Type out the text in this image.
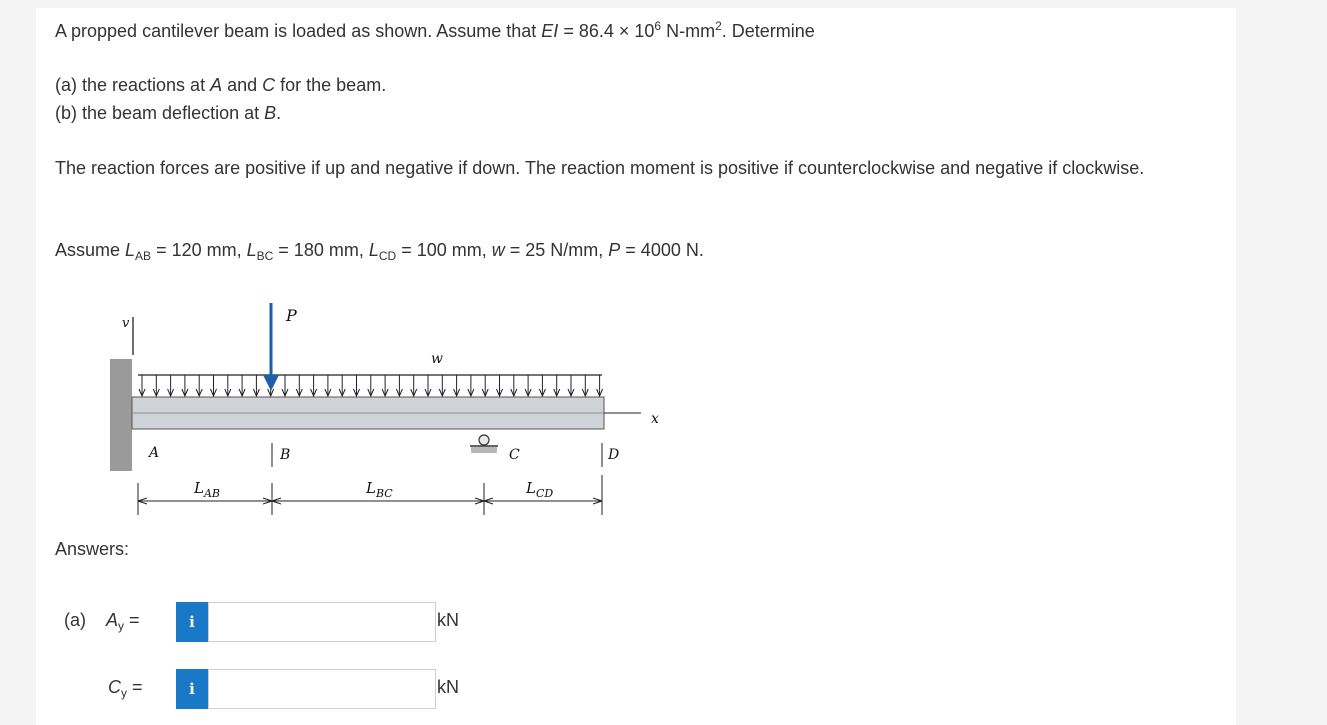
A propped cantilever beam is loaded as shown. Assume that EI = $86.4 \times 10^6$ $N-mm^2$. Determine
(a) the reactions at A and C for the beam.
(b) the beam deflection at B.
The reaction forces are positive if up and negative if down. The reaction moment is positive if counterclockwise and negative if clockwise.
Assume $L_{AB} = 120$ mm, $L_{BC} = 180$ mm, $L_{CD} = 100$ mm, w = 25 N/mm, P = 4000 N.
v
x
w
P
A	B	C	D
$L_{AB}$	$L_{BC}$	$L_{CD}$
Answers:
(a) $A_y$ =	i	kN
$C_y$ =	i	kN
